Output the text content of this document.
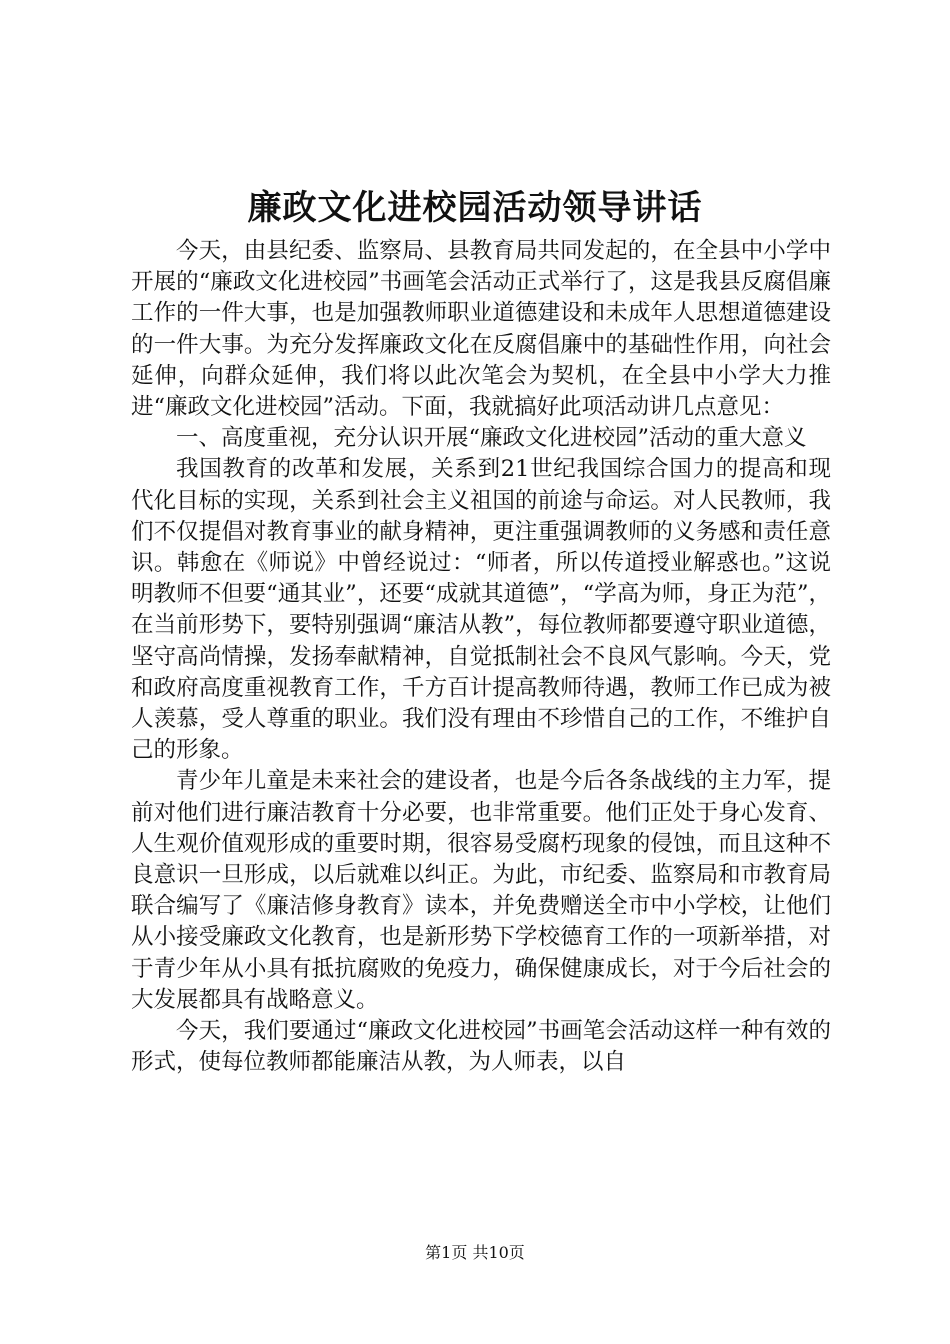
廉政文化进校园活动领导讲话

今天，由县纪委、监察局、县教育局共同发起的，在全县中小学中开展的“廉政文化进校园”书画笔会活动正式举行了，这是我县反腐倡廉工作的一件大事，也是加强教师职业道德建设和未成年人思想道德建设的一件大事。为充分发挥廉政文化在反腐倡廉中的基础性作用，向社会延伸，向群众延伸，我们将以此次笔会为契机，在全县中小学大力推进“廉政文化进校园”活动。下面，我就搞好此项活动讲几点意见：

一、高度重视，充分认识开展“廉政文化进校园”活动的重大意义

我国教育的改革和发展，关系到21世纪我国综合国力的提高和现代化目标的实现，关系到社会主义祖国的前途与命运。对人民教师，我们不仅提倡对教育事业的献身精神，更注重强调教师的义务感和责任意识。韩愈在《师说》中曾经说过：“师者，所以传道授业解惑也。”这说明教师不但要“通其业”，还要“成就其道德”，“学高为师，身正为范”，在当前形势下，要特别强调“廉洁从教”，每位教师都要遵守职业道德，坚守高尚情操，发扬奉献精神，自觉抵制社会不良风气影响。今天，党和政府高度重视教育工作，千方百计提高教师待遇，教师工作已成为被人羡慕，受人尊重的职业。我们没有理由不珍惜自己的工作，不维护自己的形象。

青少年儿童是未来社会的建设者，也是今后各条战线的主力军，提前对他们进行廉洁教育十分必要，也非常重要。他们正处于身心发育、人生观价值观形成的重要时期，很容易受腐朽现象的侵蚀，而且这种不良意识一旦形成，以后就难以纠正。为此，市纪委、监察局和市教育局联合编写了《廉洁修身教育》读本，并免费赠送全市中小学校，让他们从小接受廉政文化教育，也是新形势下学校德育工作的一项新举措，对于青少年从小具有抵抗腐败的免疫力，确保健康成长，对于今后社会的大发展都具有战略意义。

今天，我们要通过“廉政文化进校园”书画笔会活动这样一种有效的形式，使每位教师都能廉洁从教，为人师表，以自

第1页 共10页
